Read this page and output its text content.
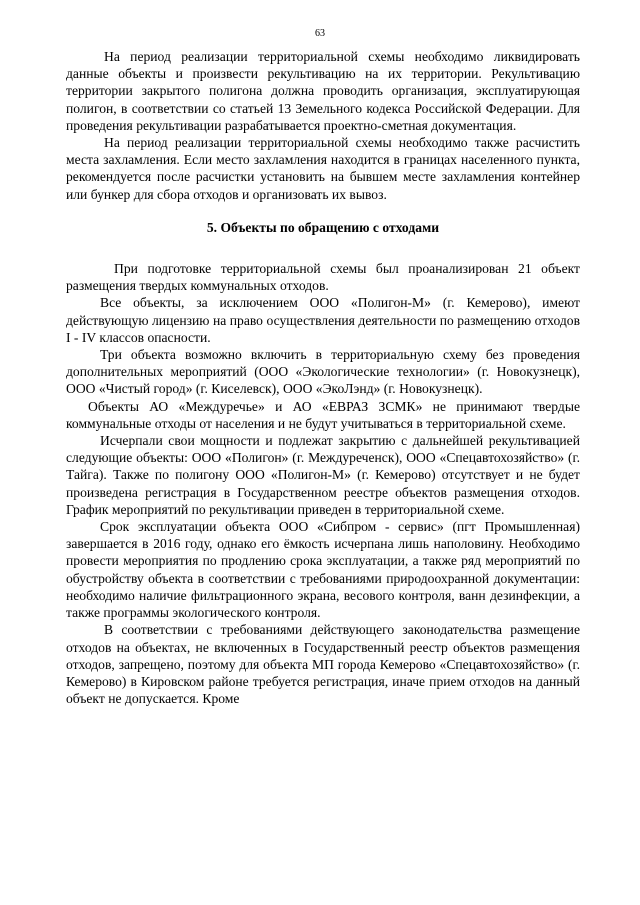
63

На период реализации территориальной схемы необходимо ликвидировать данные объекты и произвести рекультивацию на их территории. Рекультивацию территории закрытого полигона должна проводить организация, эксплуатирующая полигон, в соответствии со статьей 13 Земельного кодекса Российской Федерации. Для проведения рекультивации разрабатывается проектно-сметная документация.

На период реализации территориальной схемы необходимо также расчистить места захламления. Если место захламления находится в границах населенного пункта, рекомендуется после расчистки установить на бывшем месте захламления контейнер или бункер для сбора отходов и организовать их вывоз.

5. Объекты по обращению с отходами

При подготовке территориальной схемы был проанализирован 21 объект размещения твердых коммунальных отходов.

Все объекты, за исключением ООО «Полигон-М» (г. Кемерово), имеют действующую лицензию на право осуществления деятельности по размещению отходов I - IV классов опасности.

Три объекта возможно включить в территориальную схему без проведения дополнительных мероприятий (ООО «Экологические технологии» (г. Новокузнецк), ООО «Чистый город» (г. Киселевск), ООО «ЭкоЛэнд» (г. Новокузнецк).

Объекты АО «Междуречье» и АО «ЕВРАЗ ЗСМК» не принимают твердые коммунальные отходы от населения и не будут учитываться в территориальной схеме.

Исчерпали свои мощности и подлежат закрытию с дальнейшей рекультивацией следующие объекты: ООО «Полигон» (г. Междуреченск), ООО «Спецавтохозяйство» (г. Тайга). Также по полигону ООО «Полигон-М» (г. Кемерово) отсутствует и не будет произведена регистрация в Государственном реестре объектов размещения отходов. График мероприятий по рекультивации приведен в территориальной схеме.

Срок эксплуатации объекта ООО «Сибпром - сервис» (пгт Промышленная) завершается в 2016 году, однако его ёмкость исчерпана лишь наполовину. Необходимо провести мероприятия по продлению срока эксплуатации, а также ряд мероприятий по обустройству объекта в соответствии с требованиями природоохранной документации: необходимо наличие фильтрационного экрана, весового контроля, ванн дезинфекции, а также программы экологического контроля.

В соответствии с требованиями действующего законодательства размещение отходов на объектах, не включенных в Государственный реестр объектов размещения отходов, запрещено, поэтому для объекта МП города Кемерово «Спецавтохозяйство» (г. Кемерово) в Кировском районе требуется регистрация, иначе прием отходов на данный объект не допускается. Кроме
